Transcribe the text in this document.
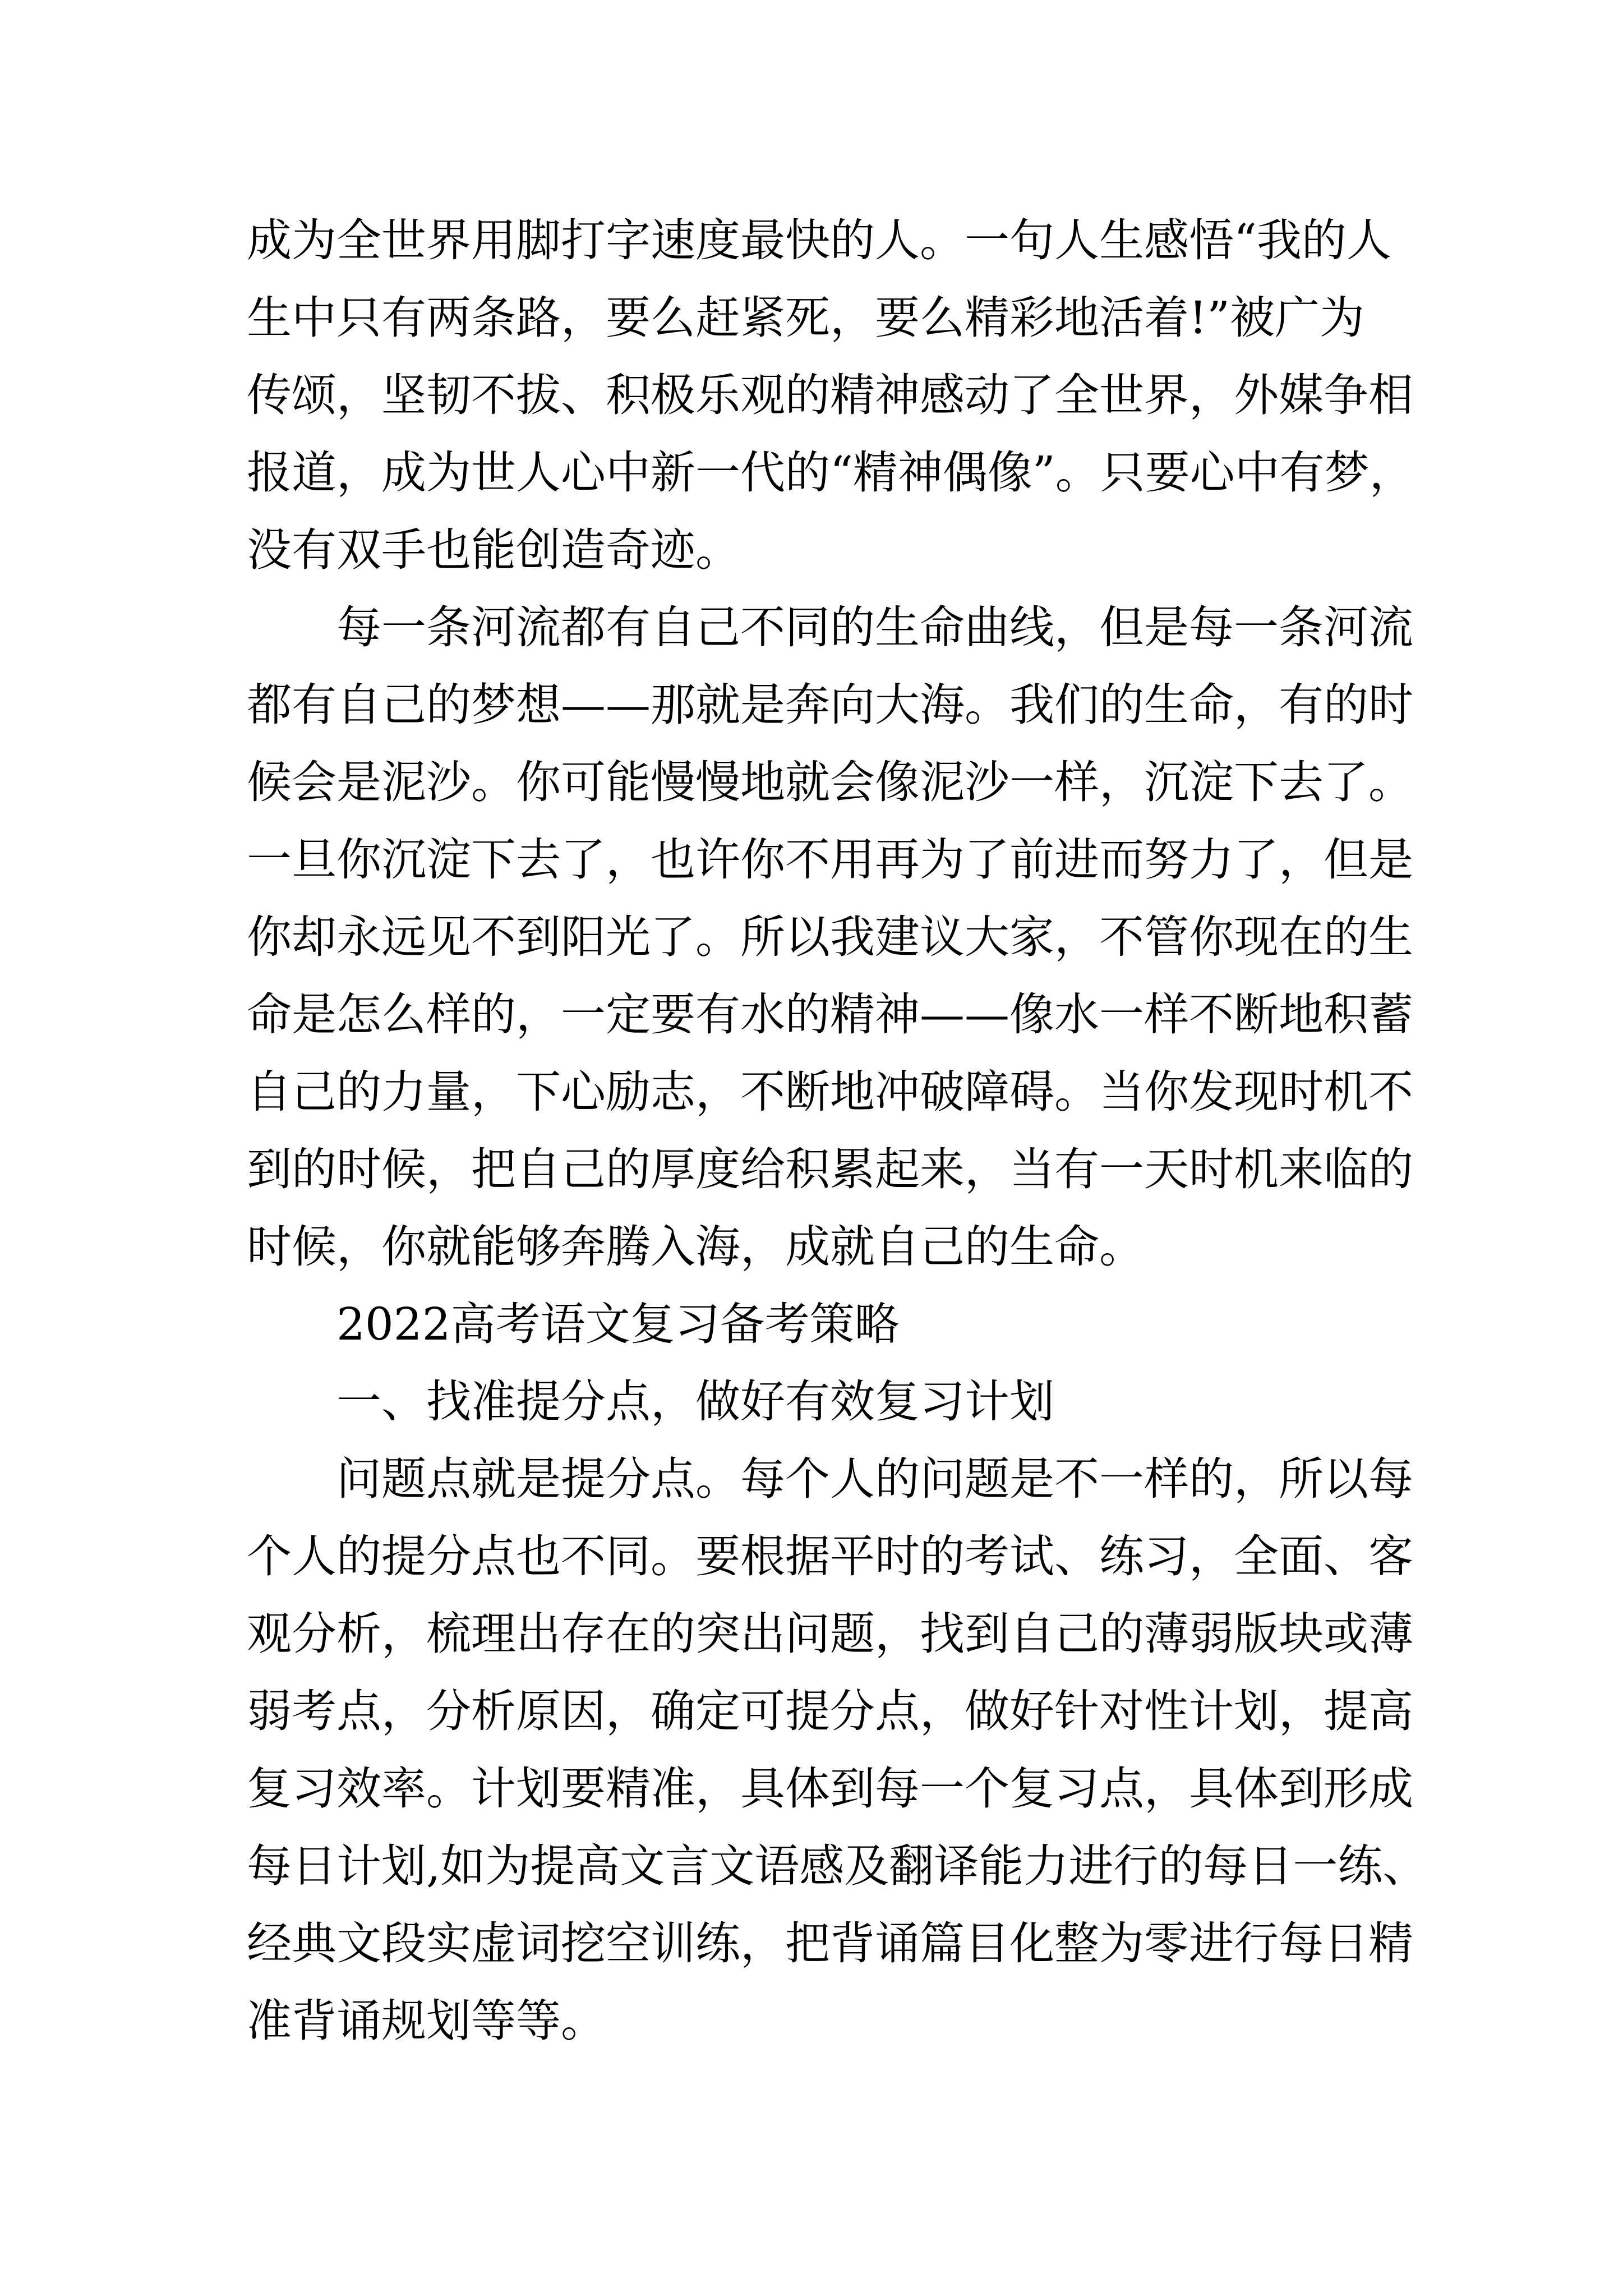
成为全世界用脚打字速度最快的人。一句人生感悟“我的人
生中只有两条路，要么赶紧死，要么精彩地活着!”被广为
传颂，坚韧不拔、积极乐观的精神感动了全世界，外媒争相
报道，成为世人心中新一代的“精神偶像”。只要心中有梦，
没有双手也能创造奇迹。
每一条河流都有自己不同的生命曲线，但是每一条河流
都有自己的梦想——那就是奔向大海。我们的生命，有的时
候会是泥沙。你可能慢慢地就会像泥沙一样，沉淀下去了。
一旦你沉淀下去了，也许你不用再为了前进而努力了，但是
你却永远见不到阳光了。所以我建议大家，不管你现在的生
命是怎么样的，一定要有水的精神——像水一样不断地积蓄
自己的力量，下心励志，不断地冲破障碍。当你发现时机不
到的时候，把自己的厚度给积累起来，当有一天时机来临的
时候，你就能够奔腾入海，成就自己的生命。
2022高考语文复习备考策略
一、找准提分点，做好有效复习计划
问题点就是提分点。每个人的问题是不一样的，所以每
个人的提分点也不同。要根据平时的考试、练习，全面、客
观分析，梳理出存在的突出问题，找到自己的薄弱版块或薄
弱考点，分析原因，确定可提分点，做好针对性计划，提高
复习效率。计划要精准，具体到每一个复习点，具体到形成
每日计划,如为提高文言文语感及翻译能力进行的每日一练、
经典文段实虚词挖空训练，把背诵篇目化整为零进行每日精
准背诵规划等等。
